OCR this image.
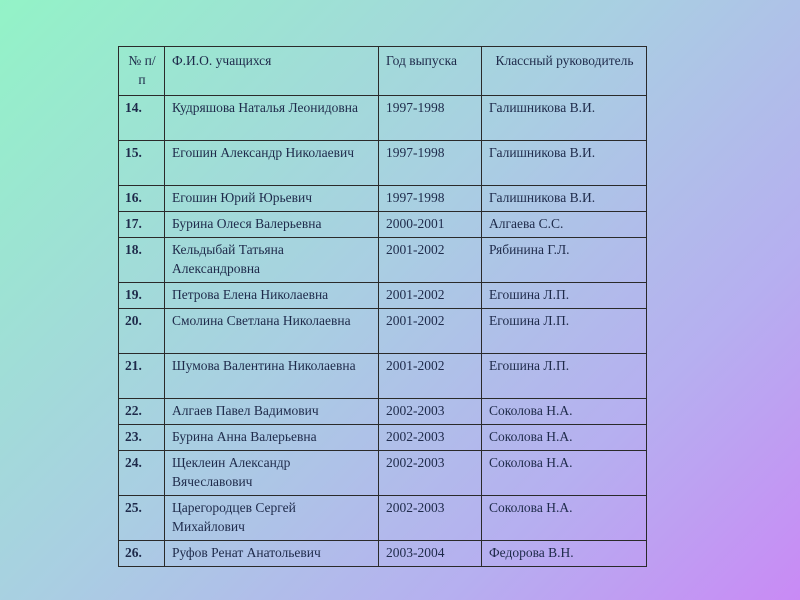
№ п/п	Ф.И.О. учащихся	Год выпуска	Классный руководитель
14.	Кудряшова Наталья Леонидовна	1997-1998	Галишникова В.И.
15.	Егошин Александр Николаевич	1997-1998	Галишникова В.И.
16.	Егошин Юрий Юрьевич	1997-1998	Галишникова В.И.
17.	Бурина Олеся Валерьевна	2000-2001	Алгаева С.С.
18.	Кельдыбай Татьяна Александровна	2001-2002	Рябинина Г.Л.
19.	Петрова Елена Николаевна	2001-2002	Егошина Л.П.
20.	Смолина Светлана Николаевна	2001-2002	Егошина Л.П.
21.	Шумова Валентина Николаевна	2001-2002	Егошина Л.П.
22.	Алгаев Павел Вадимович	2002-2003	Соколова Н.А.
23.	Бурина Анна Валерьевна	2002-2003	Соколова Н.А.
24.	Щеклеин Александр Вячеславович	2002-2003	Соколова Н.А.
25.	Царегородцев Сергей Михайлович	2002-2003	Соколова Н.А.
26.	Руфов Ренат Анатольевич	2003-2004	Федорова В.Н.
